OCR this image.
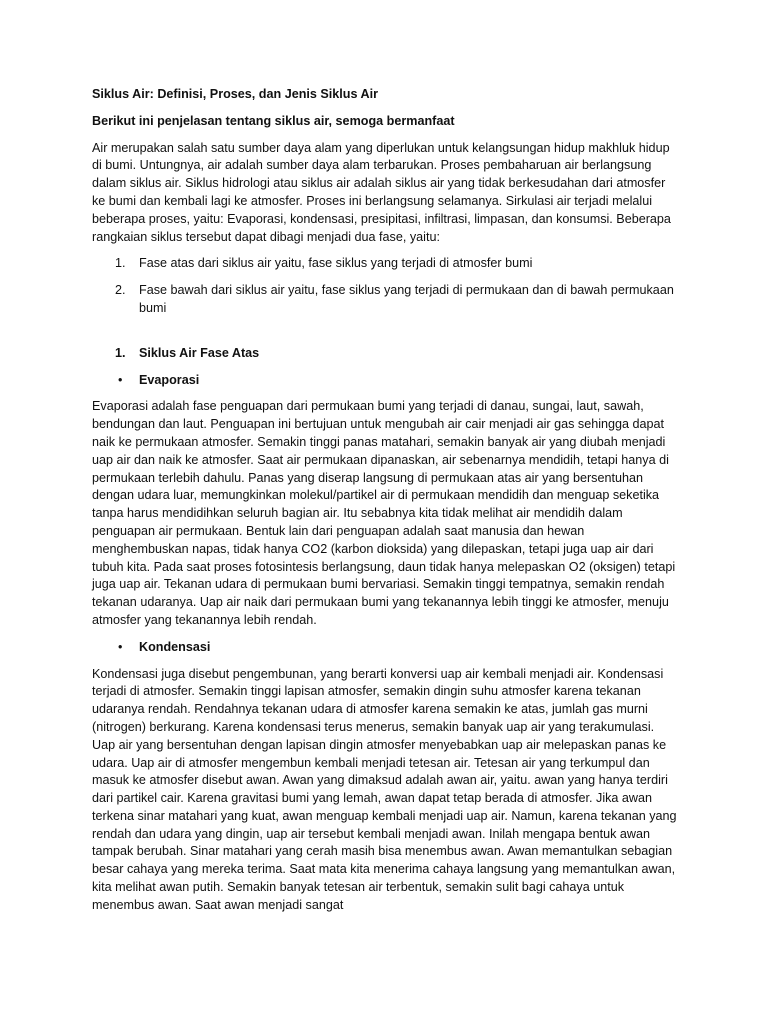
Siklus Air: Definisi, Proses, dan Jenis Siklus Air

Berikut ini penjelasan tentang siklus air, semoga bermanfaat

Air merupakan salah satu sumber daya alam yang diperlukan untuk kelangsungan hidup makhluk hidup di bumi. Untungnya, air adalah sumber daya alam terbarukan. Proses pembaharuan air berlangsung dalam siklus air. Siklus hidrologi atau siklus air adalah siklus air yang tidak berkesudahan dari atmosfer ke bumi dan kembali lagi ke atmosfer. Proses ini berlangsung selamanya. Sirkulasi air terjadi melalui beberapa proses, yaitu: Evaporasi, kondensasi, presipitasi, infiltrasi, limpasan, dan konsumsi. Beberapa rangkaian siklus tersebut dapat dibagi menjadi dua fase, yaitu:

1. Fase atas dari siklus air yaitu, fase siklus yang terjadi di atmosfer bumi
2. Fase bawah dari siklus air yaitu, fase siklus yang terjadi di permukaan dan di bawah permukaan bumi
1. Siklus Air Fase Atas
• Evaporasi

Evaporasi adalah fase penguapan dari permukaan bumi yang terjadi di danau, sungai, laut, sawah, bendungan dan laut. Penguapan ini bertujuan untuk mengubah air cair menjadi air gas sehingga dapat naik ke permukaan atmosfer. Semakin tinggi panas matahari, semakin banyak air yang diubah menjadi uap air dan naik ke atmosfer. Saat air permukaan dipanaskan, air sebenarnya mendidih, tetapi hanya di permukaan terlebih dahulu. Panas yang diserap langsung di permukaan atas air yang bersentuhan dengan udara luar, memungkinkan molekul/partikel air di permukaan mendidih dan menguap seketika tanpa harus mendidihkan seluruh bagian air. Itu sebabnya kita tidak melihat air mendidih dalam penguapan air permukaan. Bentuk lain dari penguapan adalah saat manusia dan hewan menghembuskan napas, tidak hanya CO2 (karbon dioksida) yang dilepaskan, tetapi juga uap air dari tubuh kita. Pada saat proses fotosintesis berlangsung, daun tidak hanya melepaskan O2 (oksigen) tetapi juga uap air. Tekanan udara di permukaan bumi bervariasi. Semakin tinggi tempatnya, semakin rendah tekanan udaranya. Uap air naik dari permukaan bumi yang tekanannya lebih tinggi ke atmosfer, menuju atmosfer yang tekanannya lebih rendah.

• Kondensasi

Kondensasi juga disebut pengembunan, yang berarti konversi uap air kembali menjadi air. Kondensasi terjadi di atmosfer. Semakin tinggi lapisan atmosfer, semakin dingin suhu atmosfer karena tekanan udaranya rendah. Rendahnya tekanan udara di atmosfer karena semakin ke atas, jumlah gas murni (nitrogen) berkurang. Karena kondensasi terus menerus, semakin banyak uap air yang terakumulasi. Uap air yang bersentuhan dengan lapisan dingin atmosfer menyebabkan uap air melepaskan panas ke udara. Uap air di atmosfer mengembun kembali menjadi tetesan air. Tetesan air yang terkumpul dan masuk ke atmosfer disebut awan. Awan yang dimaksud adalah awan air, yaitu. awan yang hanya terdiri dari partikel cair. Karena gravitasi bumi yang lemah, awan dapat tetap berada di atmosfer. Jika awan terkena sinar matahari yang kuat, awan menguap kembali menjadi uap air. Namun, karena tekanan yang rendah dan udara yang dingin, uap air tersebut kembali menjadi awan. Inilah mengapa bentuk awan tampak berubah. Sinar matahari yang cerah masih bisa menembus awan. Awan memantulkan sebagian besar cahaya yang mereka terima. Saat mata kita menerima cahaya langsung yang memantulkan awan, kita melihat awan putih. Semakin banyak tetesan air terbentuk, semakin sulit bagi cahaya untuk menembus awan. Saat awan menjadi sangat
